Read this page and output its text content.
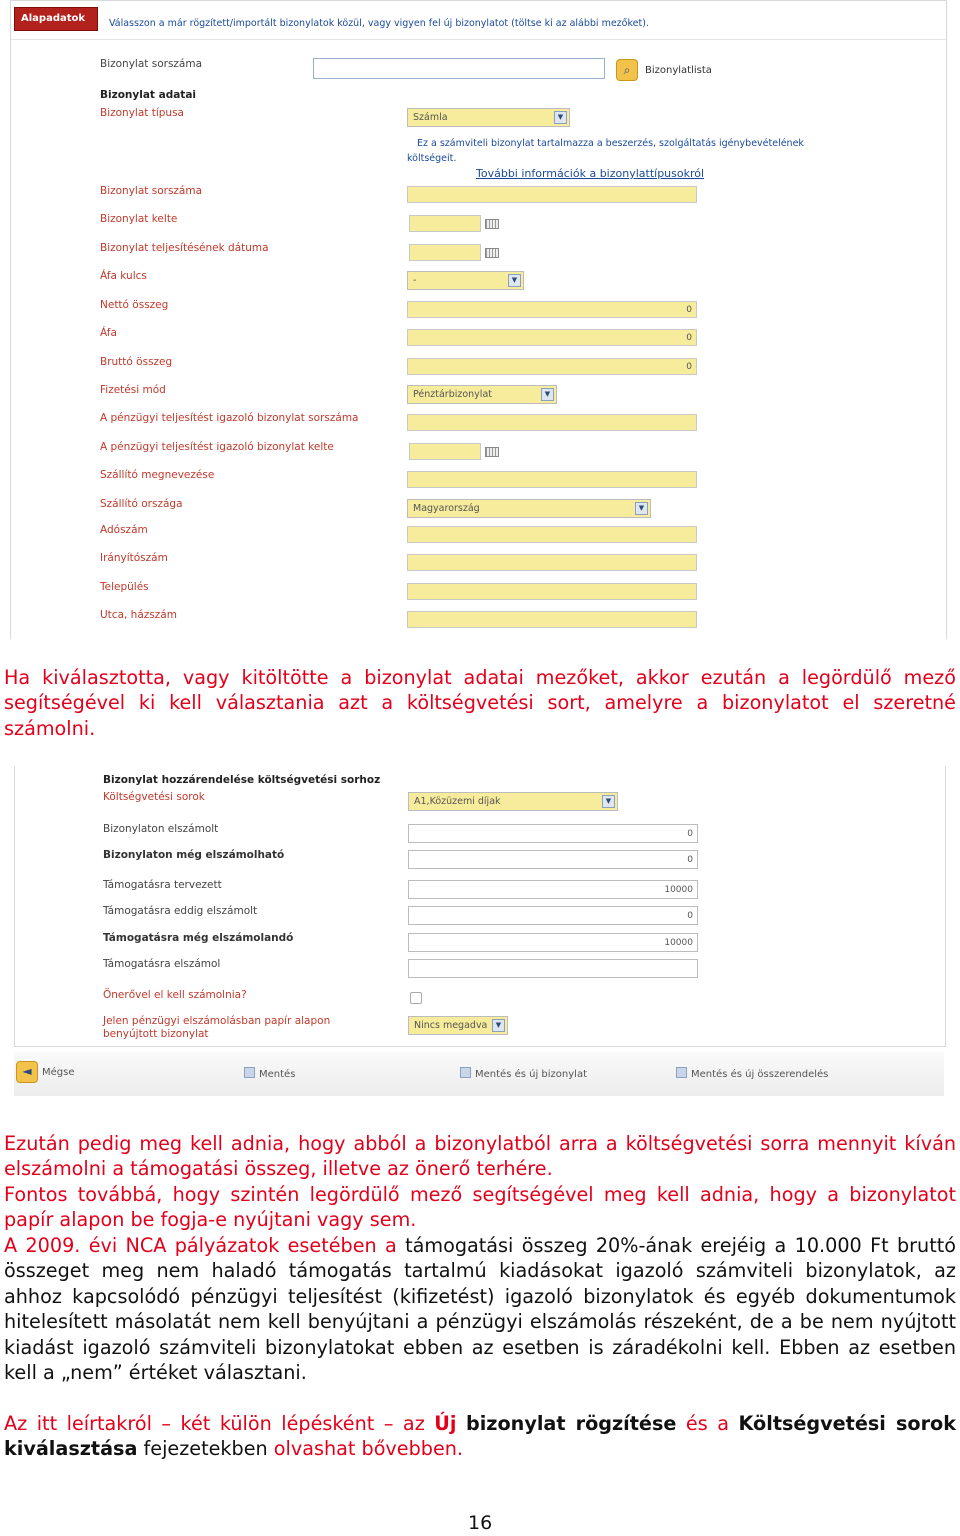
Alapadatok	Válasszon a már rögzített/importált bizonylatok közül, vagy vigyen fel új bizonylatot (töltse ki az alábbi mezőket).
Bizonylat sorszáma	⌕	Bizonylatlista
Bizonylat adatai
Bizonylat típusa	Számla	▼
Ez a számviteli bizonylat tartalmazza a beszerzés, szolgáltatás igénybevételének költségeit.
További információk a bizonylattípusokról
Bizonylat sorszáma
Bizonylat kelte
Bizonylat teljesítésének dátuma
Áfa kulcs	-	▼
Nettó összeg	0
Áfa	0
Bruttó összeg	0
Fizetési mód	Pénztárbizonylat	▼
A pénzügyi teljesítést igazoló bizonylat sorszáma
A pénzügyi teljesítést igazoló bizonylat kelte
Szállító megnevezése
Szállító országa	Magyarország	▼
Adószám
Irányítószám
Település
Utca, házszám
Ha kiválasztotta, vagy kitöltötte a bizonylat adatai mezőket, akkor ezután a legördülő mező segítségével ki kell választania azt a költségvetési sort, amelyre a bizonylatot el szeretné számolni.
Bizonylat hozzárendelése költségvetési sorhoz
Költségvetési sorok	A1,Közüzemi díjak	▼
Bizonylaton elszámolt	0
Bizonylaton még elszámolható	0
Támogatásra tervezett	10000
Támogatásra eddig elszámolt	0
Támogatásra még elszámolandó	10000
Támogatásra elszámol
Önerővel el kell számolnia?
Jelen pénzügyi elszámolásban papír alapon
benyújtott bizonylat
Nincs megadva	▼
◄ Mégse	Mentés	Mentés és új bizonylat	Mentés és új összerendelés
Ezután pedig meg kell adnia, hogy abból a bizonylatból arra a költségvetési sorra mennyit kíván elszámolni a támogatási összeg, illetve az önerő terhére.
Fontos továbbá, hogy szintén legördülő mező segítségével meg kell adnia, hogy a bizonylatot papír alapon be fogja-e nyújtani vagy sem.
A 2009. évi NCA pályázatok esetében a támogatási összeg 20%-ának erejéig a 10.000 Ft bruttó összeget meg nem haladó támogatás tartalmú kiadásokat igazoló számviteli bizonylatok, az ahhoz kapcsolódó pénzügyi teljesítést (kifizetést) igazoló bizonylatok és egyéb dokumentumok hitelesített másolatát nem kell benyújtani a pénzügyi elszámolás részeként, de a be nem nyújtott kiadást igazoló számviteli bizonylatokat ebben az esetben is záradékolni kell. Ebben az esetben kell a „nem” értéket választani.
Az itt leírtakról – két külön lépésként – az Új bizonylat rögzítése és a Költségvetési sorok kiválasztása fejezetekben olvashat bővebben.
16
